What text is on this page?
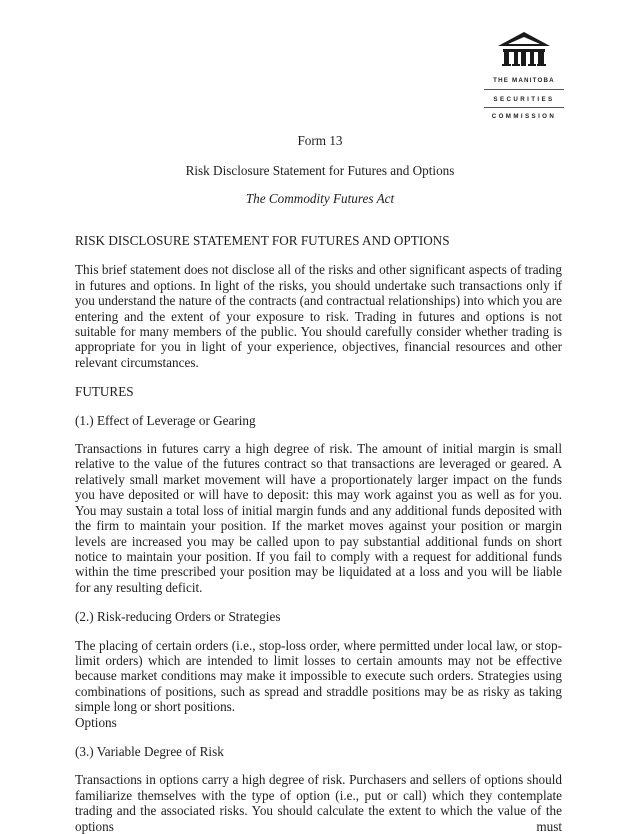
THE MANITOBA
SECURITIES
COMMISSION
Form 13
Risk Disclosure Statement for Futures and Options
The Commodity Futures Act

RISK DISCLOSURE STATEMENT FOR FUTURES AND OPTIONS

This brief statement does not disclose all of the risks and other significant aspects of trading in futures and options. In light of the risks, you should undertake such transactions only if you understand the nature of the contracts (and contractual relationships) into which you are entering and the extent of your exposure to risk. Trading in futures and options is not suitable for many members of the public. You should carefully consider whether trading is appropriate for you in light of your experience, objectives, financial resources and other relevant circumstances.

FUTURES

(1.) Effect of Leverage or Gearing

Transactions in futures carry a high degree of risk. The amount of initial margin is small relative to the value of the futures contract so that transactions are leveraged or geared. A relatively small market movement will have a proportionately larger impact on the funds you have deposited or will have to deposit: this may work against you as well as for you. You may sustain a total loss of initial margin funds and any additional funds deposited with the firm to maintain your position. If the market moves against your position or margin levels are increased you may be called upon to pay substantial additional funds on short notice to maintain your position. If you fail to comply with a request for additional funds within the time prescribed your position may be liquidated at a loss and you will be liable for any resulting deficit.

(2.) Risk-reducing Orders or Strategies

The placing of certain orders (i.e., stop-loss order, where permitted under local law, or stop-limit orders) which are intended to limit losses to certain amounts may not be effective because market conditions may make it impossible to execute such orders. Strategies using combinations of positions, such as spread and straddle positions may be as risky as taking simple long or short positions.

Options

(3.) Variable Degree of Risk

Transactions in options carry a high degree of risk. Purchasers and sellers of options should familiarize themselves with the type of option (i.e., put or call) which they contemplate trading and the associated risks. You should calculate the extent to which the value of the options must
